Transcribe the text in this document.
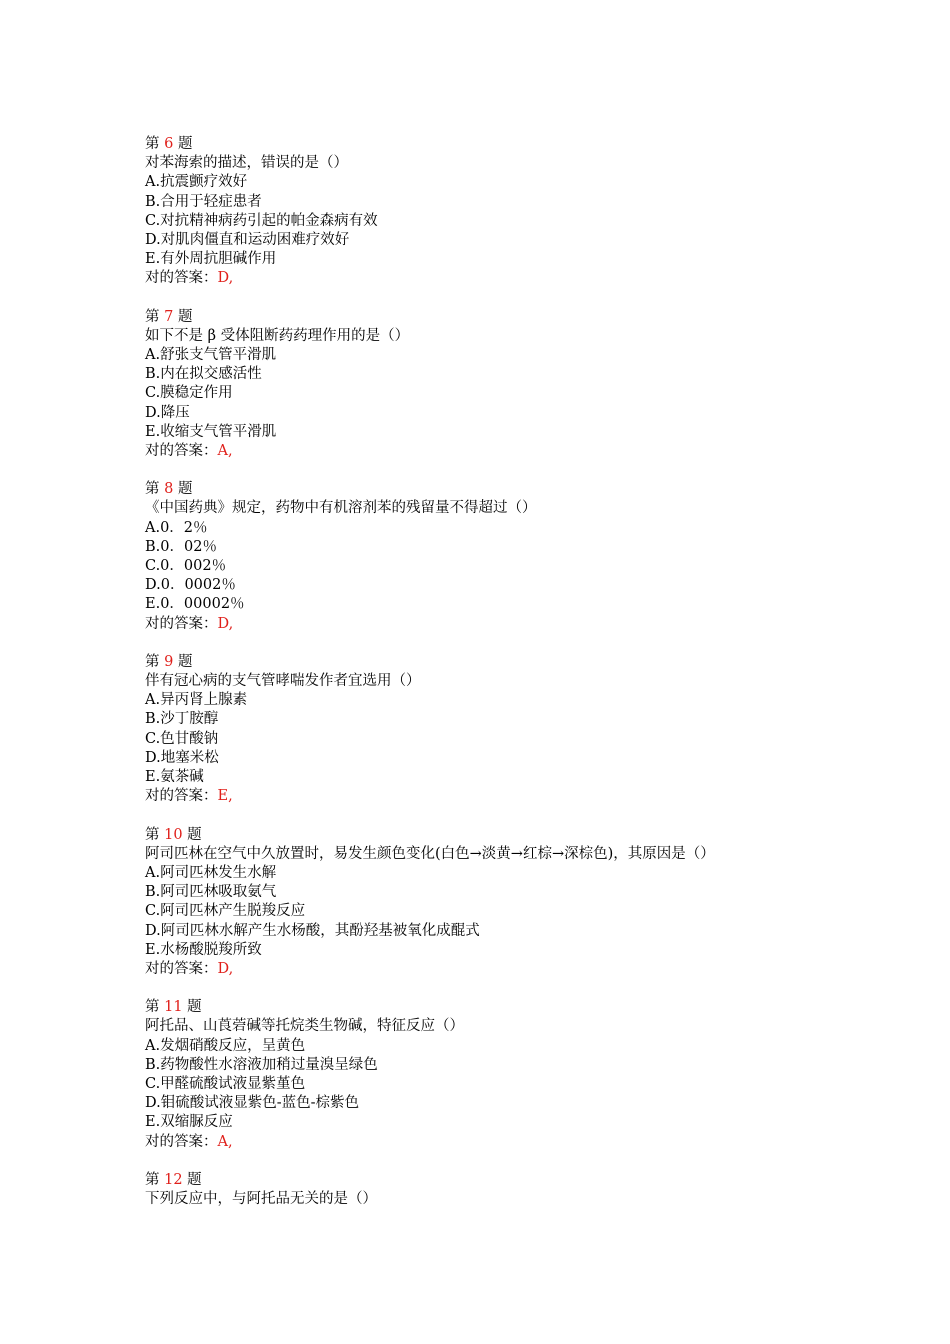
第 6 题
对苯海索的描述，错误的是（）
A.抗震颤疗效好
B.合用于轻症患者
C.对抗精神病药引起的帕金森病有效
D.对肌肉僵直和运动困难疗效好
E.有外周抗胆碱作用
对的答案：D,
第 7 题
如下不是 β 受体阻断药药理作用的是（）
A.舒张支气管平滑肌
B.内在拟交感活性
C.膜稳定作用
D.降压
E.收缩支气管平滑肌
对的答案：A,
第 8 题
《中国药典》规定，药物中有机溶剂苯的残留量不得超过（）
A.0．2％
B.0．02％
C.0．002％
D.0．0002％
E.0．00002％
对的答案：D,
第 9 题
伴有冠心病的支气管哮喘发作者宜选用（）
A.异丙肾上腺素
B.沙丁胺醇
C.色甘酸钠
D.地塞米松
E.氨茶碱
对的答案：E,
第 10 题
阿司匹林在空气中久放置时，易发生颜色变化(白色→淡黄→红棕→深棕色)，其原因是（）
A.阿司匹林发生水解
B.阿司匹林吸取氨气
C.阿司匹林产生脱羧反应
D.阿司匹林水解产生水杨酸，其酚羟基被氧化成醌式
E.水杨酸脱羧所致
对的答案：D,
第 11 题
阿托品、山莨菪碱等托烷类生物碱，特征反应（）
A.发烟硝酸反应，呈黄色
B.药物酸性水溶液加稍过量溴呈绿色
C.甲醛硫酸试液显紫堇色
D.钼硫酸试液显紫色-蓝色-棕紫色
E.双缩脲反应
对的答案：A,
第 12 题
下列反应中，与阿托品无关的是（）
